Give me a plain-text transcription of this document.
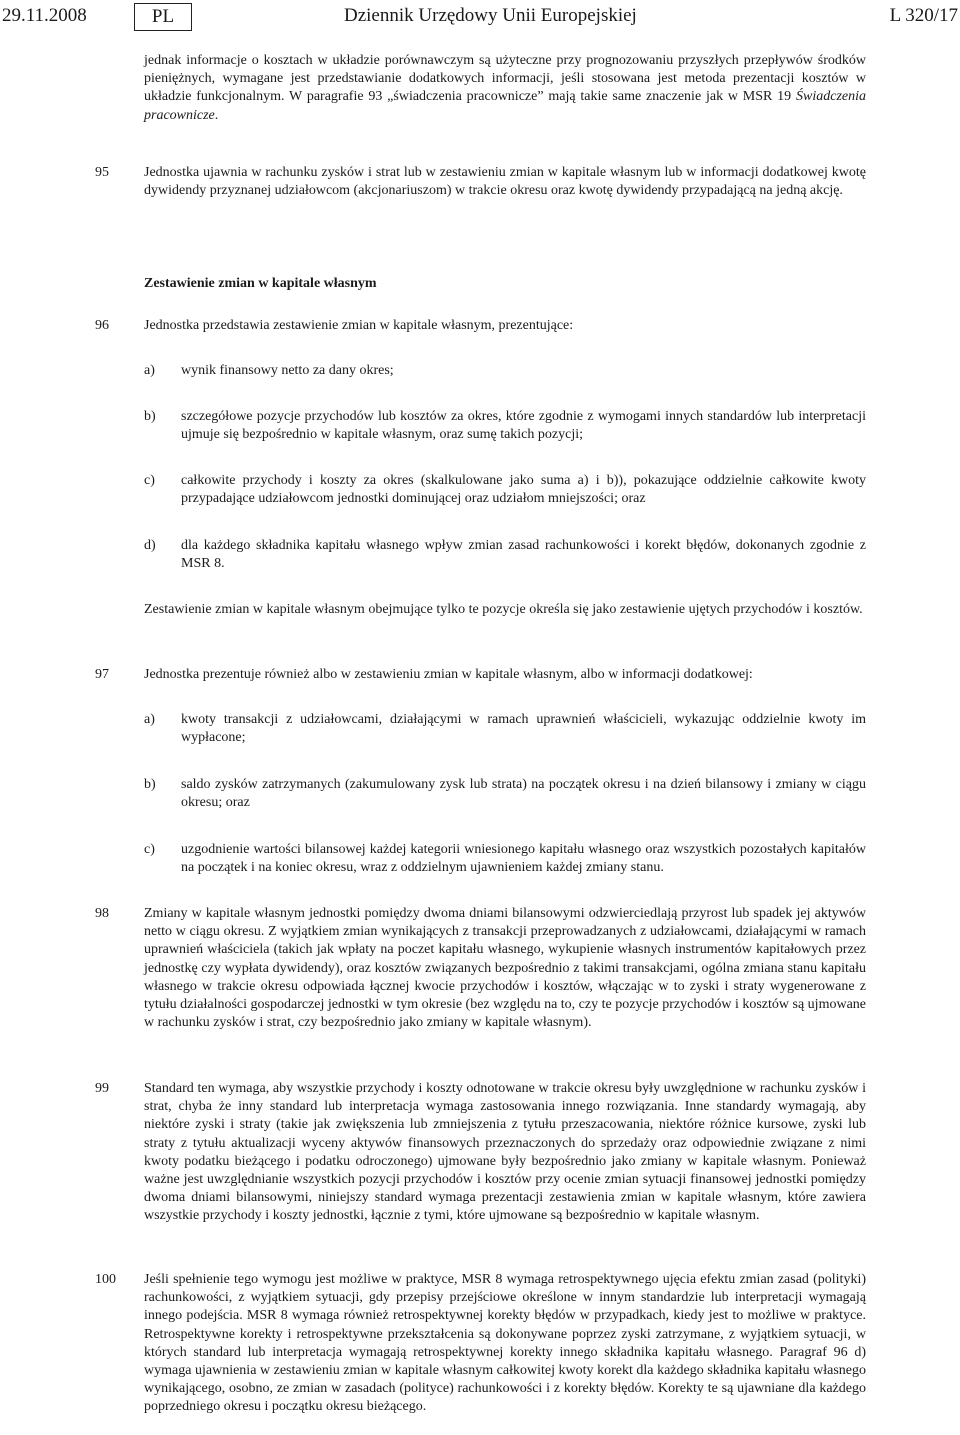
29.11.2008	PL	Dziennik Urzędowy Unii Europejskiej	L 320/17
jednak informacje o kosztach w układzie porównawczym są użyteczne przy prognozowaniu przyszłych przepływów środków pieniężnych, wymagane jest przedstawianie dodatkowych informacji, jeśli stosowana jest metoda prezentacji kosztów w układzie funkcjonalnym. W paragrafie 93 „świadczenia pracownicze” mają takie same znaczenie jak w MSR 19 Świadczenia pracownicze.
95	Jednostka ujawnia w rachunku zysków i strat lub w zestawieniu zmian w kapitale własnym lub w informacji dodatkowej kwotę dywidendy przyznanej udziałowcom (akcjonariuszom) w trakcie okresu oraz kwotę dywidendy przypadającą na jedną akcję.
Zestawienie zmian w kapitale własnym
96	Jednostka przedstawia zestawienie zmian w kapitale własnym, prezentujące:
a) wynik finansowy netto za dany okres;
b) szczegółowe pozycje przychodów lub kosztów za okres, które zgodnie z wymogami innych standardów lub interpretacji ujmuje się bezpośrednio w kapitale własnym, oraz sumę takich pozycji;
c) całkowite przychody i koszty za okres (skalkulowane jako suma a) i b)), pokazujące oddzielnie całkowite kwoty przypadające udziałowcom jednostki dominującej oraz udziałom mniejszości; oraz
d) dla każdego składnika kapitału własnego wpływ zmian zasad rachunkowości i korekt błędów, dokonanych zgodnie z MSR 8.
Zestawienie zmian w kapitale własnym obejmujące tylko te pozycje określa się jako zestawienie ujętych przychodów i kosztów.
97	Jednostka prezentuje również albo w zestawieniu zmian w kapitale własnym, albo w informacji dodatkowej:
a) kwoty transakcji z udziałowcami, działającymi w ramach uprawnień właścicieli, wykazując oddzielnie kwoty im wypłacone;
b) saldo zysków zatrzymanych (zakumulowany zysk lub strata) na początek okresu i na dzień bilansowy i zmiany w ciągu okresu; oraz
c) uzgodnienie wartości bilansowej każdej kategorii wniesionego kapitału własnego oraz wszystkich pozostałych kapitałów na początek i na koniec okresu, wraz z oddzielnym ujawnieniem każdej zmiany stanu.
98	Zmiany w kapitale własnym jednostki pomiędzy dwoma dniami bilansowymi odzwierciedlają przyrost lub spadek jej aktywów netto w ciągu okresu. Z wyjątkiem zmian wynikających z transakcji przeprowadzanych z udziałowcami, działającymi w ramach uprawnień właściciela (takich jak wpłaty na poczet kapitału własnego, wykupienie własnych instrumentów kapitałowych przez jednostkę czy wypłata dywidendy), oraz kosztów związanych bezpośrednio z takimi transakcjami, ogólna zmiana stanu kapitału własnego w trakcie okresu odpowiada łącznej kwocie przychodów i kosztów, włączając w to zyski i straty wygenerowane z tytułu działalności gospodarczej jednostki w tym okresie (bez względu na to, czy te pozycje przychodów i kosztów są ujmowane w rachunku zysków i strat, czy bezpośrednio jako zmiany w kapitale własnym).
99	Standard ten wymaga, aby wszystkie przychody i koszty odnotowane w trakcie okresu były uwzględnione w rachunku zysków i strat, chyba że inny standard lub interpretacja wymaga zastosowania innego rozwiązania. Inne standardy wymagają, aby niektóre zyski i straty (takie jak zwiększenia lub zmniejszenia z tytułu przeszacowania, niektóre różnice kursowe, zyski lub straty z tytułu aktualizacji wyceny aktywów finansowych przeznaczonych do sprzedaży oraz odpowiednie związane z nimi kwoty podatku bieżącego i podatku odroczonego) ujmowane były bezpośrednio jako zmiany w kapitale własnym. Ponieważ ważne jest uwzględnianie wszystkich pozycji przychodów i kosztów przy ocenie zmian sytuacji finansowej jednostki pomiędzy dwoma dniami bilansowymi, niniejszy standard wymaga prezentacji zestawienia zmian w kapitale własnym, które zawiera wszystkie przychody i koszty jednostki, łącznie z tymi, które ujmowane są bezpośrednio w kapitale własnym.
100 Jeśli spełnienie tego wymogu jest możliwe w praktyce, MSR 8 wymaga retrospektywnego ujęcia efektu zmian zasad (polityki) rachunkowości, z wyjątkiem sytuacji, gdy przepisy przejściowe określone w innym standardzie lub interpretacji wymagają innego podejścia. MSR 8 wymaga również retrospektywnej korekty błędów w przypadkach, kiedy jest to możliwe w praktyce. Retrospektywne korekty i retrospektywne przekształcenia są dokonywane poprzez zyski zatrzymane, z wyjątkiem sytuacji, w których standard lub interpretacja wymagają retrospektywnej korekty innego składnika kapitału własnego. Paragraf 96 d) wymaga ujawnienia w zestawieniu zmian w kapitale własnym całkowitej kwoty korekt dla każdego składnika kapitału własnego wynikającego, osobno, ze zmian w zasadach (polityce) rachunkowości i z korekty błędów. Korekty te są ujawniane dla każdego poprzedniego okresu i początku okresu bieżącego.
